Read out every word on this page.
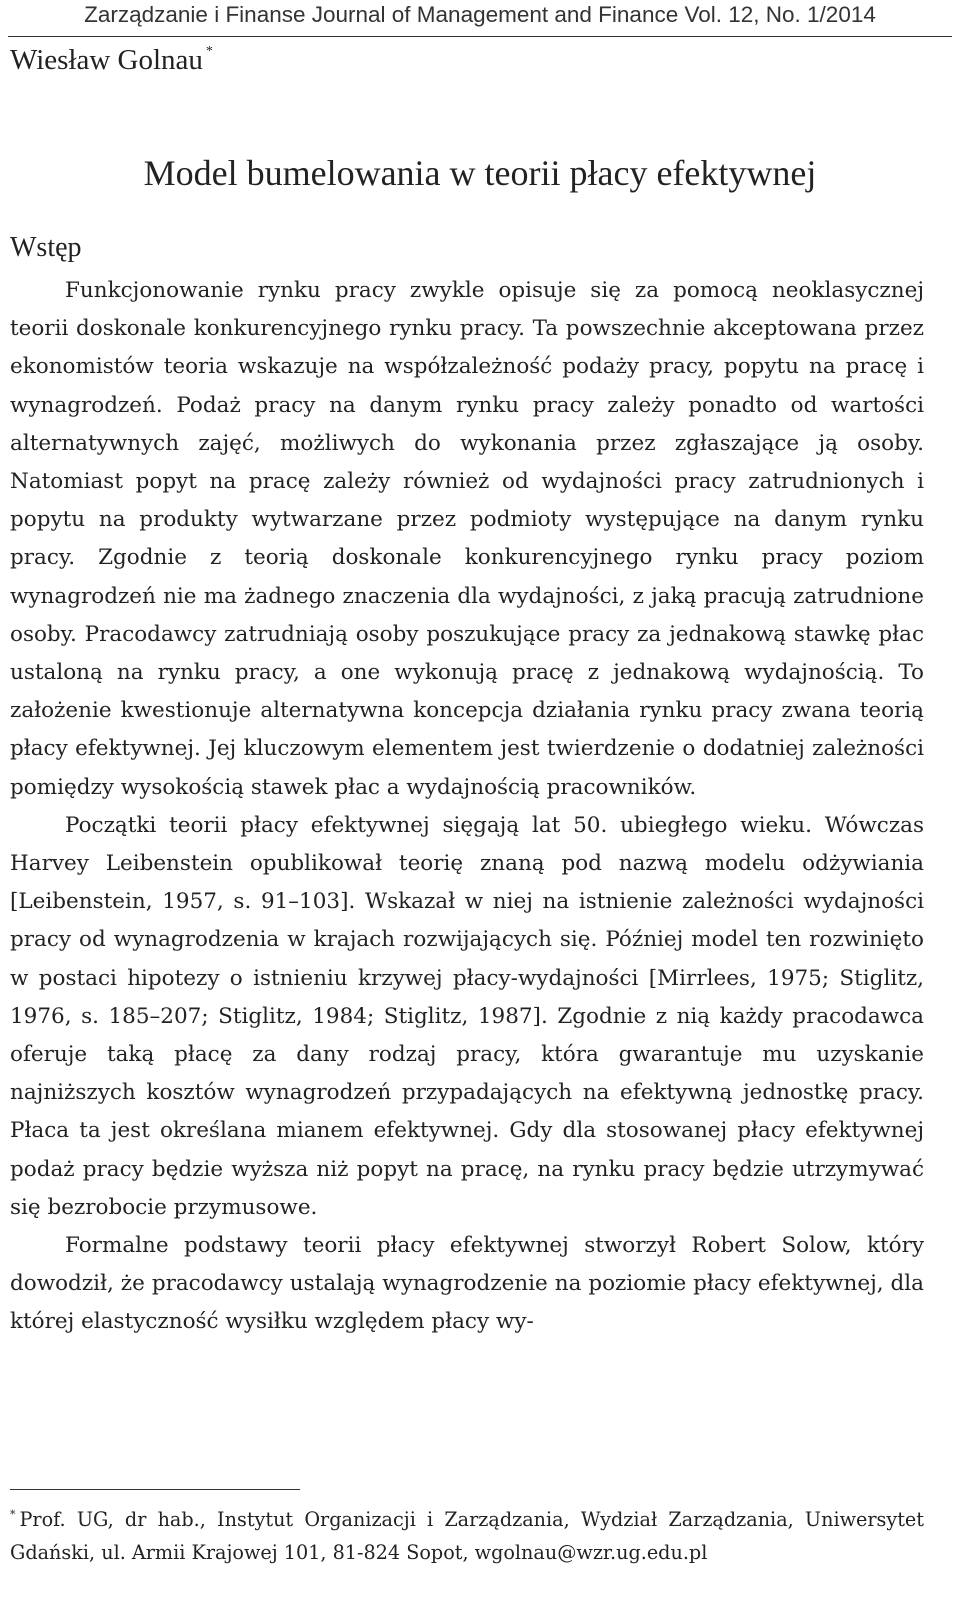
Zarządzanie i Finanse Journal of Management and Finance Vol. 12, No. 1/2014
Wiesław Golnau *
Model bumelowania w teorii płacy efektywnej
Wstęp

Funkcjonowanie rynku pracy zwykle opisuje się za pomocą neoklasycznej teorii doskonale konkurencyjnego rynku pracy. Ta powszechnie akceptowana przez ekonomistów teoria wskazuje na współzależność podaży pracy, popytu na pracę i wynagrodzeń. Podaż pracy na danym rynku pracy zależy ponadto od wartości alternatywnych zajęć, możliwych do wykonania przez zgłaszające ją osoby. Natomiast popyt na pracę zależy również od wydajności pracy zatrudnionych i popytu na produkty wytwarzane przez podmioty występujące na danym rynku pracy. Zgodnie z teorią doskonale konkurencyjnego rynku pracy poziom wynagrodzeń nie ma żadnego znaczenia dla wydajności, z jaką pracują zatrudnione osoby. Pracodawcy zatrudniają osoby poszukujące pracy za jednakową stawkę płac ustaloną na rynku pracy, a one wykonują pracę z jednakową wydajnością. To założenie kwestionuje alternatywna koncepcja działania rynku pracy zwana teorią płacy efektywnej. Jej kluczowym elementem jest twierdzenie o dodatniej zależności pomiędzy wysokością stawek płac a wydajnością pracowników.

Początki teorii płacy efektywnej sięgają lat 50. ubiegłego wieku. Wówczas Harvey Leibenstein opublikował teorię znaną pod nazwą modelu odżywiania [Leibenstein, 1957, s. 91–103]. Wskazał w niej na istnienie zależności wydajności pracy od wynagrodzenia w krajach rozwijających się. Później model ten rozwinięto w postaci hipotezy o istnieniu krzywej płacy-wydajności [Mirrlees, 1975; Stiglitz, 1976, s. 185–207; Stiglitz, 1984; Stiglitz, 1987]. Zgodnie z nią każdy pracodawca oferuje taką płacę za dany rodzaj pracy, która gwarantuje mu uzyskanie najniższych kosztów wynagrodzeń przypadających na efektywną jednostkę pracy. Płaca ta jest określana mianem efektywnej. Gdy dla stosowanej płacy efektywnej podaż pracy będzie wyższa niż popyt na pracę, na rynku pracy będzie utrzymywać się bezrobocie przymusowe.

Formalne podstawy teorii płacy efektywnej stworzył Robert Solow, który dowodził, że pracodawcy ustalają wynagrodzenie na poziomie płacy efektywnej, dla której elastyczność wysiłku względem płacy wy-

* Prof. UG, dr hab., Instytut Organizacji i Zarządzania, Wydział Zarządzania, Uniwersytet Gdański, ul. Armii Krajowej 101, 81-824 Sopot, wgolnau@wzr.ug.edu.pl
